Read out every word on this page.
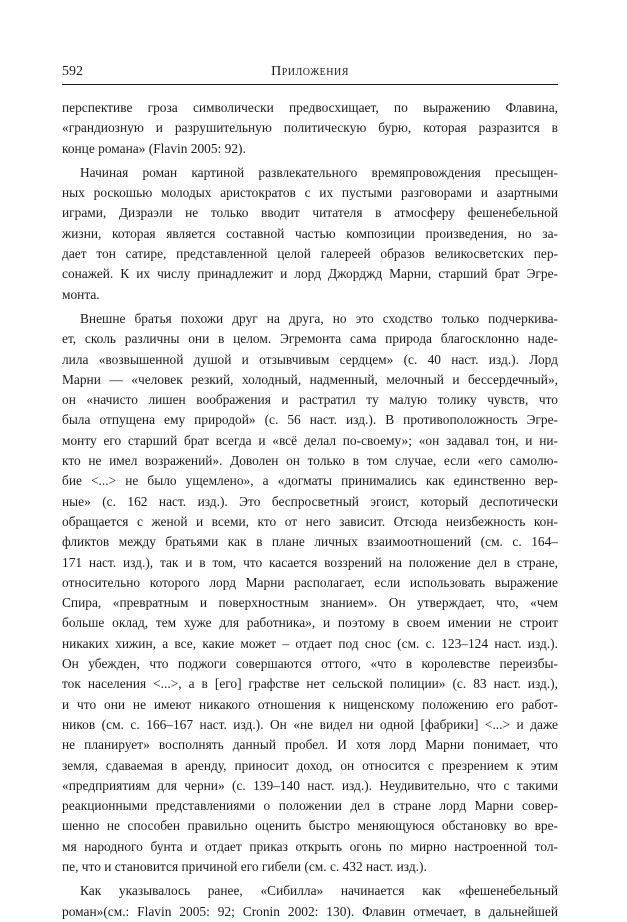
592	Приложения
перспективе гроза символически предвосхищает, по выражению Флавина,
«грандиозную и разрушительную политическую бурю, которая разразится в
конце романа» (Flavin 2005: 92).
Начиная роман картиной развлекательного времяпровождения пресыщен-
ных роскошью молодых аристократов с их пустыми разговорами и азартными
играми, Дизраэли не только вводит читателя в атмосферу фешенебельной
жизни, которая является составной частью композиции произведения, но за-
дает тон сатире, представленной целой галереей образов великосветских пер-
сонажей. К их числу принадлежит и лорд Джорджд Марни, старший брат Эгре-
монта.
Внешне братья похожи друг на друга, но это сходство только подчеркива-
ет, сколь различны они в целом. Эгремонта сама природа благосклонно наде-
лила «возвышенной душой и отзывчивым сердцем» (с. 40 наст. изд.). Лорд
Марни — «человек резкий, холодный, надменный, мелочный и бессердечный»,
он «начисто лишен воображения и растратил ту малую толику чувств, что
была отпущена ему природой» (с. 56 наст. изд.). В противоположность Эгре-
монту его старший брат всегда и «всё делал по-своему»; «он задавал тон, и ни-
кто не имел возражений». Доволен он только в том случае, если «его самолю-
бие <...> не было ущемлено», а «догматы принимались как единственно вер-
ные» (с. 162 наст. изд.). Это беспросветный эгоист, который деспотически
обращается с женой и всеми, кто от него зависит. Отсюда неизбежность кон-
фликтов между братьями как в плане личных взаимоотношений (см. с. 164–
171 наст. изд.), так и в том, что касается воззрений на положение дел в стране,
относительно которого лорд Марни располагает, если использовать выражение
Спира, «превратным и поверхностным знанием». Он утверждает, что, «чем
больше оклад, тем хуже для работника», и поэтому в своем имении не строит
никаких хижин, а все, какие может – отдает под снос (см. с. 123–124 наст. изд.).
Он убежден, что поджоги совершаются оттого, «что в королевстве переизбы-
ток населения <...>, а в [его] графстве нет сельской полиции» (с. 83 наст. изд.),
и что они не имеют никакого отношения к нищенскому положению его работ-
ников (см. с. 166–167 наст. изд.). Он «не видел ни одной [фабрики] <...> и даже
не планирует» восполнять данный пробел. И хотя лорд Марни понимает, что
земля, сдаваемая в аренду, приносит доход, он относится с презрением к этим
«предприятиям для черни» (с. 139–140 наст. изд.). Неудивительно, что с такими
реакционными представлениями о положении дел в стране лорд Марни совер-
шенно не способен правильно оценить быстро меняющуюся обстановку во вре-
мя народного бунта и отдает приказ открыть огонь по мирно настроенной тол-
пе, что и становится причиной его гибели (см. с. 432 наст. изд.).
Как указывалось ранее, «Сибилла» начинается как «фешенебельный
роман»(см.: Flavin 2005: 92; Cronin 2002: 130). Флавин отмечает, в дальнейшей
